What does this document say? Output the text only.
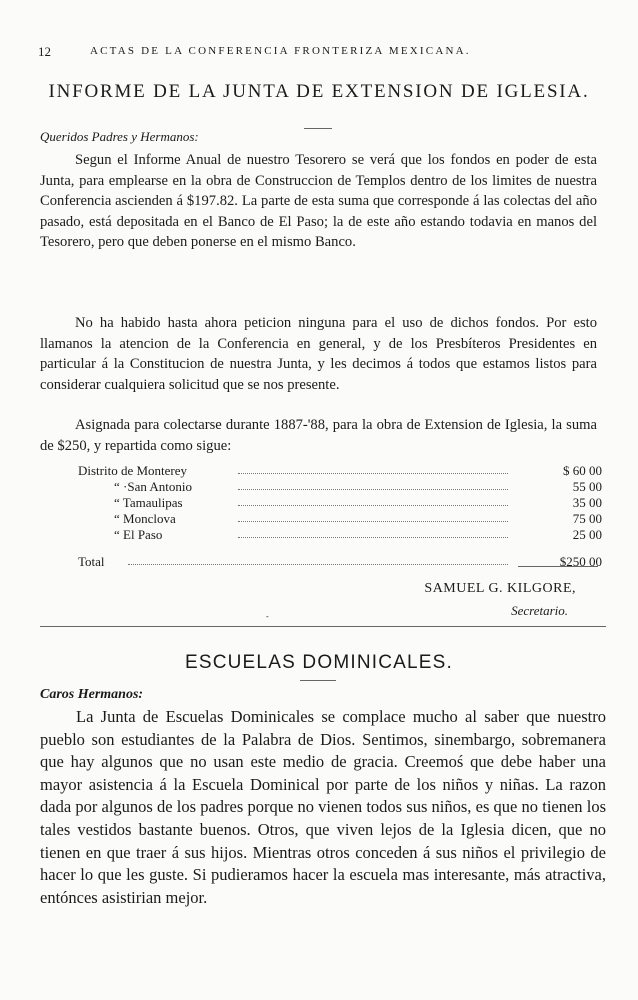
12	ACTAS DE LA CONFERENCIA FRONTERIZA MEXICANA.
INFORME DE LA JUNTA DE EXTENSION DE IGLESIA.
Queridos Padres y Hermanos:

Segun el Informe Anual de nuestro Tesorero se verá que los fondos en poder de esta Junta, para emplearse en la obra de Construccion de Templos dentro de los limites de nuestra Conferencia ascienden á $197.82. La parte de esta suma que corresponde á las colectas del año pasado, está depositada en el Banco de El Paso; la de este año estando todavia en manos del Tesorero, pero que deben ponerse en el mismo Banco.

No ha habido hasta ahora peticion ninguna para el uso de dichos fondos. Por esto llamanos la atencion de la Conferencia en general, y de los Presbíteros Presidentes en particular á la Constitucion de nuestra Junta, y les decimos á todos que estamos listos para considerar cualquiera solicitud que se nos presente.

Asignada para colectarse durante 1887-'88, para la obra de Extension de Iglesia, la suma de $250, y repartida como sigue:

Distrito de Monterey	$ 60 00
“ ·San Antonio	55 00
“ Tamaulipas	35 00
“ Monclova	75 00
“ El Paso	25 00
Total	$250 00
SAMUEL G. KILGORE,
Secretario.
-
ESCUELAS DOMINICALES.
Caros Hermanos:

La Junta de Escuelas Dominicales se complace mucho al saber que nuestro pueblo son estudiantes de la Palabra de Dios. Sentimos, sinembargo, sobremanera que hay algunos que no usan este medio de gracia. Creemoś que debe haber una mayor asistencia á la Escuela Dominical por parte de los niños y niñas. La razon dada por algunos de los padres porque no vienen todos sus niños, es que no tienen los tales vestidos bastante buenos. Otros, que viven lejos de la Iglesia dicen, que no tienen en que traer á sus hijos. Mientras otros conceden á sus niños el privilegio de hacer lo que les guste. Si pudieramos hacer la escuela mas interesante, más atractiva, entónces asistirian mejor.
